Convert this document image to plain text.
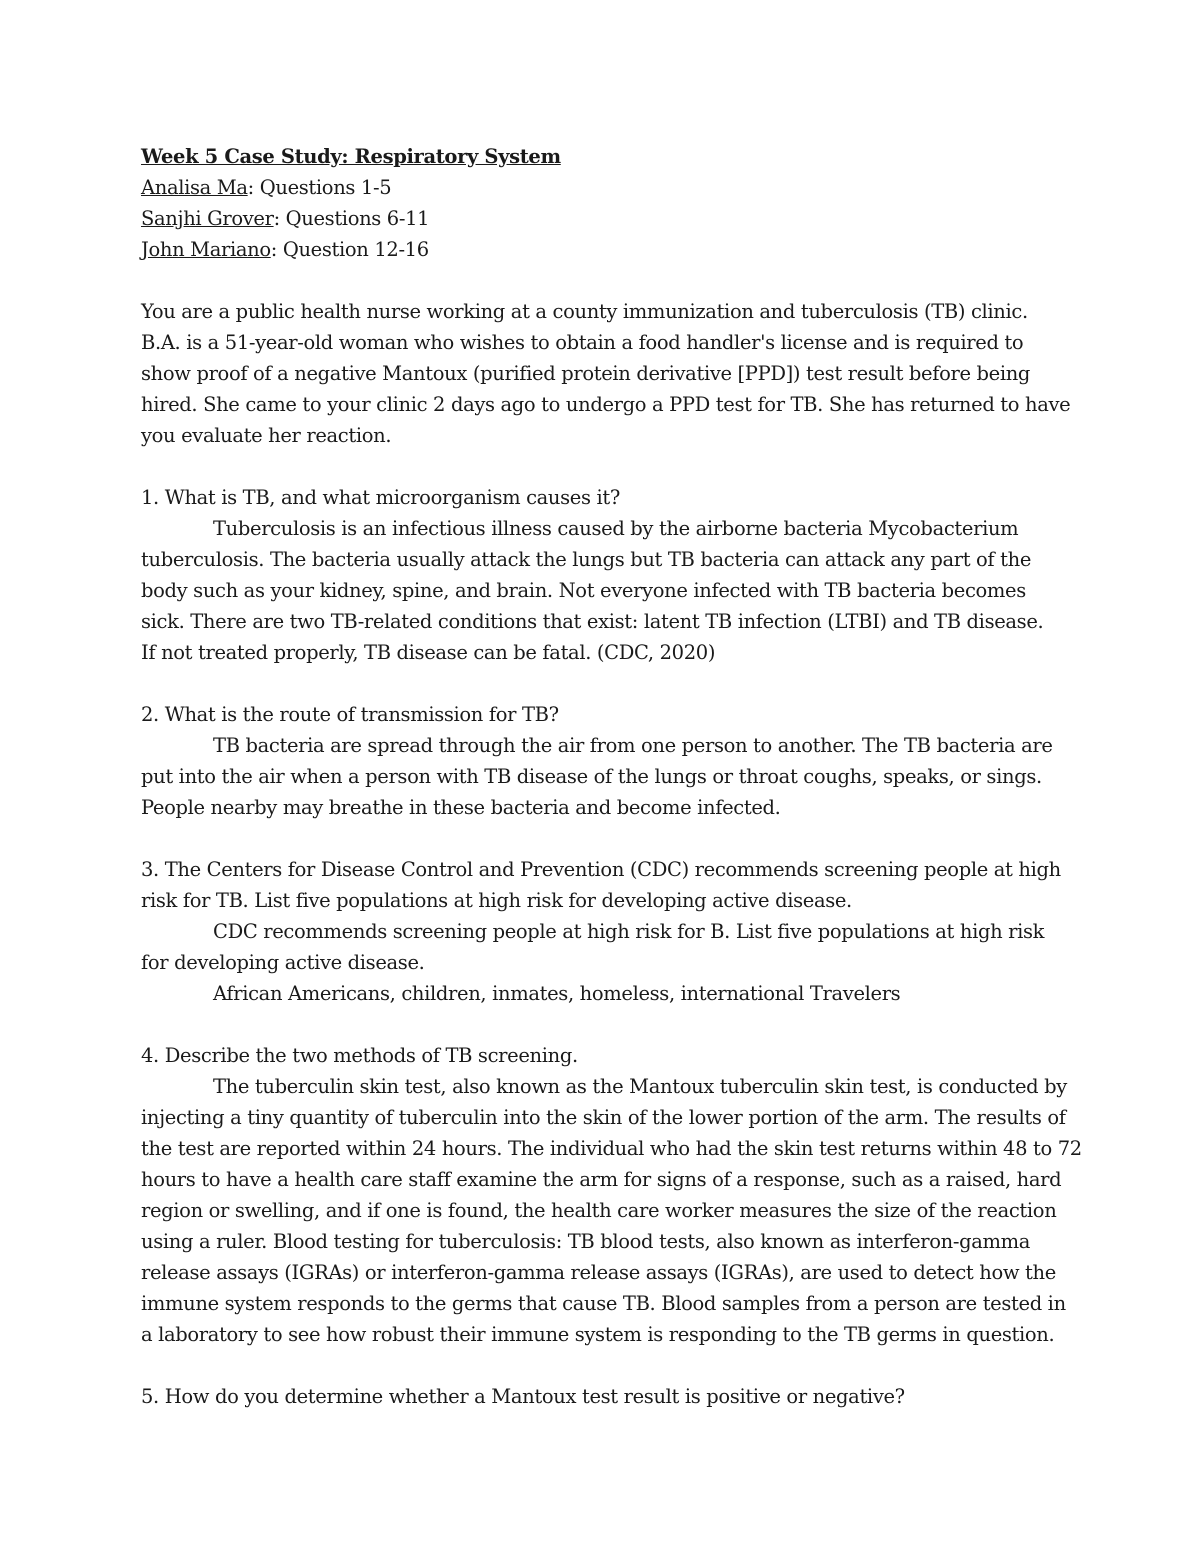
Week 5 Case Study: Respiratory System
Analisa Ma: Questions 1-5
Sanjhi Grover: Questions 6-11
John Mariano: Question 12-16
You are a public health nurse working at a county immunization and tuberculosis (TB) clinic.
B.A. is a 51-year-old woman who wishes to obtain a food handler's license and is required to
show proof of a negative Mantoux (purified protein derivative [PPD]) test result before being
hired. She came to your clinic 2 days ago to undergo a PPD test for TB. She has returned to have
you evaluate her reaction.
1. What is TB, and what microorganism causes it?
Tuberculosis is an infectious illness caused by the airborne bacteria Mycobacterium
tuberculosis. The bacteria usually attack the lungs but TB bacteria can attack any part of the
body such as your kidney, spine, and brain. Not everyone infected with TB bacteria becomes
sick. There are two TB-related conditions that exist: latent TB infection (LTBI) and TB disease.
If not treated properly, TB disease can be fatal. (CDC, 2020)
2. What is the route of transmission for TB?
TB bacteria are spread through the air from one person to another. The TB bacteria are
put into the air when a person with TB disease of the lungs or throat coughs, speaks, or sings.
People nearby may breathe in these bacteria and become infected.
3. The Centers for Disease Control and Prevention (CDC) recommends screening people at high
risk for TB. List five populations at high risk for developing active disease.
CDC recommends screening people at high risk for B. List five populations at high risk
for developing active disease.
African Americans, children, inmates, homeless, international Travelers
4. Describe the two methods of TB screening.
The tuberculin skin test, also known as the Mantoux tuberculin skin test, is conducted by
injecting a tiny quantity of tuberculin into the skin of the lower portion of the arm. The results of
the test are reported within 24 hours. The individual who had the skin test returns within 48 to 72
hours to have a health care staff examine the arm for signs of a response, such as a raised, hard
region or swelling, and if one is found, the health care worker measures the size of the reaction
using a ruler. Blood testing for tuberculosis: TB blood tests, also known as interferon-gamma
release assays (IGRAs) or interferon-gamma release assays (IGRAs), are used to detect how the
immune system responds to the germs that cause TB. Blood samples from a person are tested in
a laboratory to see how robust their immune system is responding to the TB germs in question.
5. How do you determine whether a Mantoux test result is positive or negative?
